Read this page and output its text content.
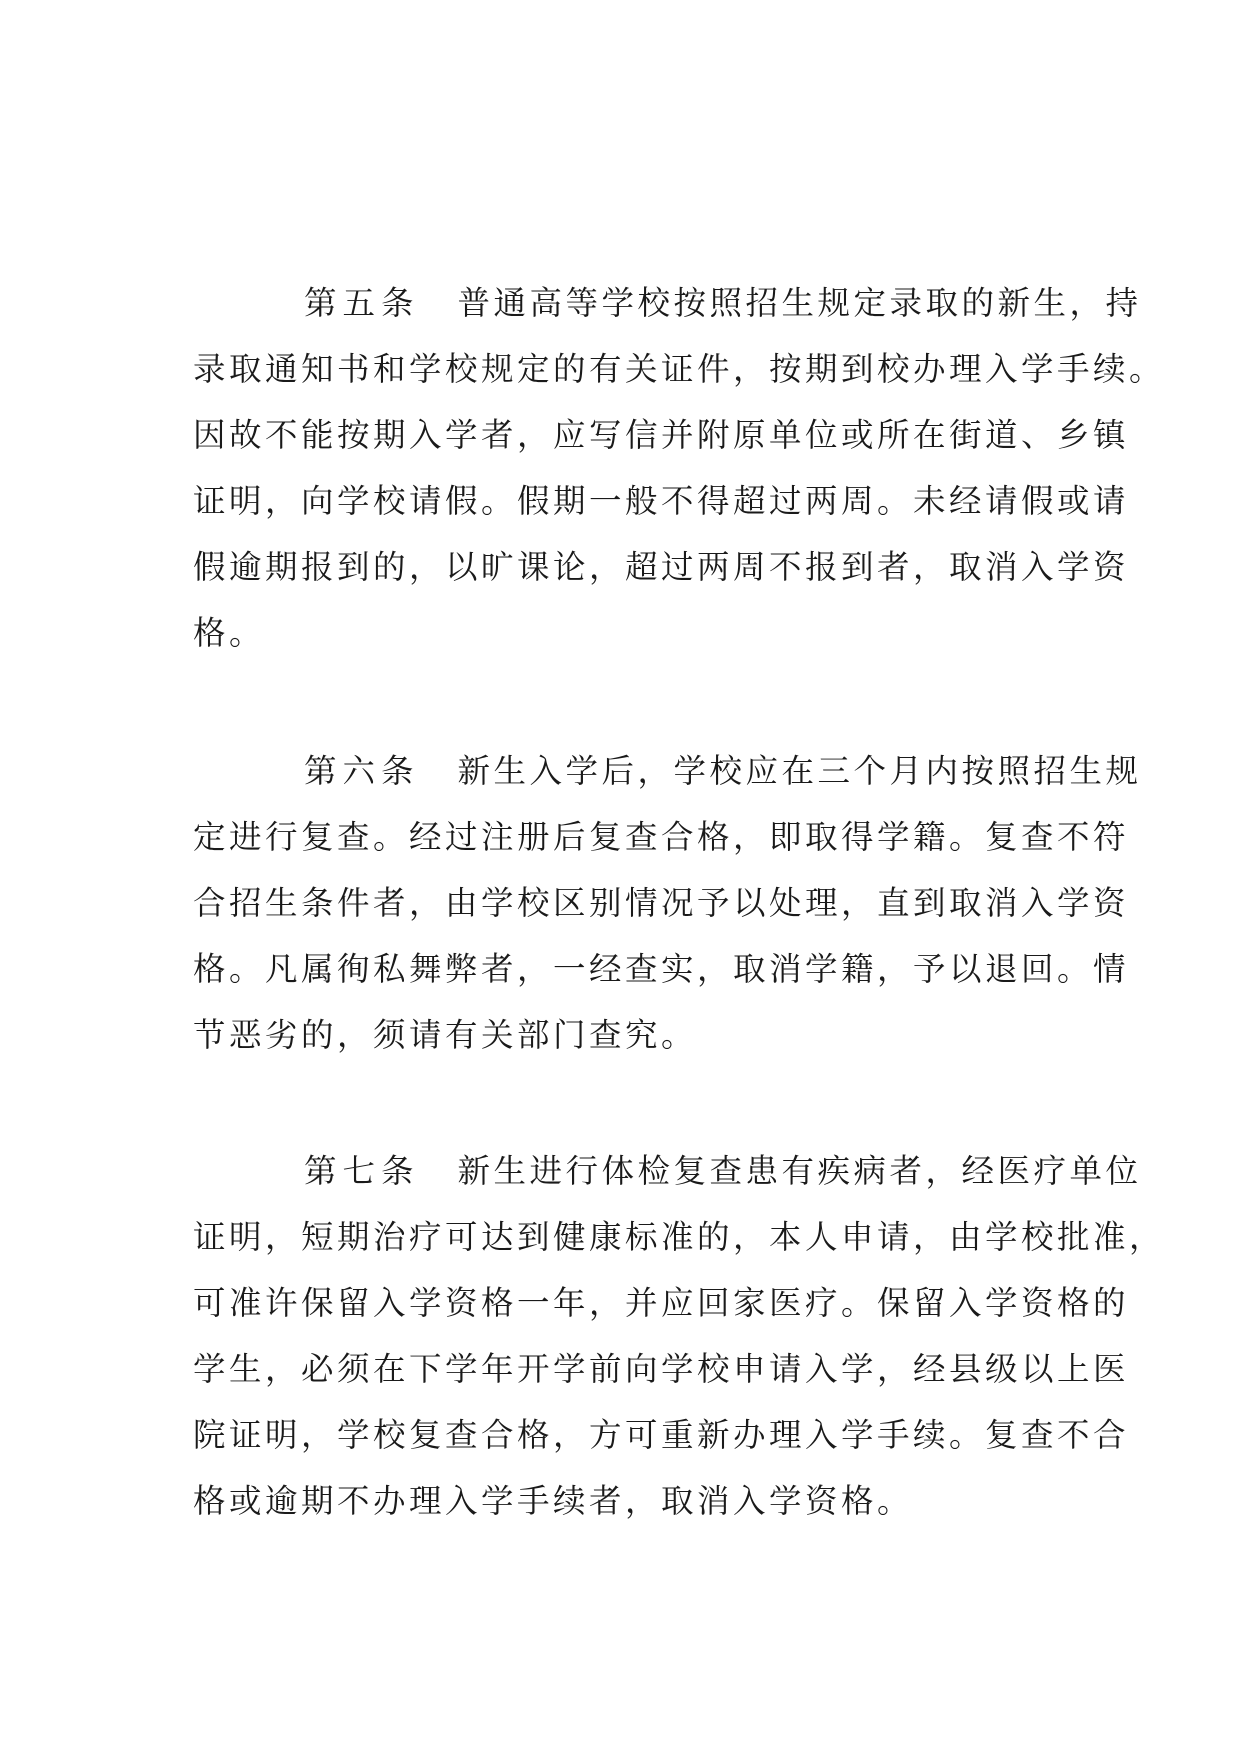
第五条 普通高等学校按照招生规定录取的新生，持
录取通知书和学校规定的有关证件，按期到校办理入学手续。
因故不能按期入学者，应写信并附原单位或所在街道、乡镇
证明，向学校请假。假期一般不得超过两周。未经请假或请
假逾期报到的，以旷课论，超过两周不报到者，取消入学资
格。
第六条 新生入学后，学校应在三个月内按照招生规
定进行复查。经过注册后复查合格，即取得学籍。复查不符
合招生条件者，由学校区别情况予以处理，直到取消入学资
格。凡属徇私舞弊者，一经查实，取消学籍，予以退回。情
节恶劣的，须请有关部门查究。
第七条 新生进行体检复查患有疾病者，经医疗单位
证明，短期治疗可达到健康标准的，本人申请，由学校批准，
可准许保留入学资格一年，并应回家医疗。保留入学资格的
学生，必须在下学年开学前向学校申请入学，经县级以上医
院证明，学校复查合格，方可重新办理入学手续。复查不合
格或逾期不办理入学手续者，取消入学资格。
